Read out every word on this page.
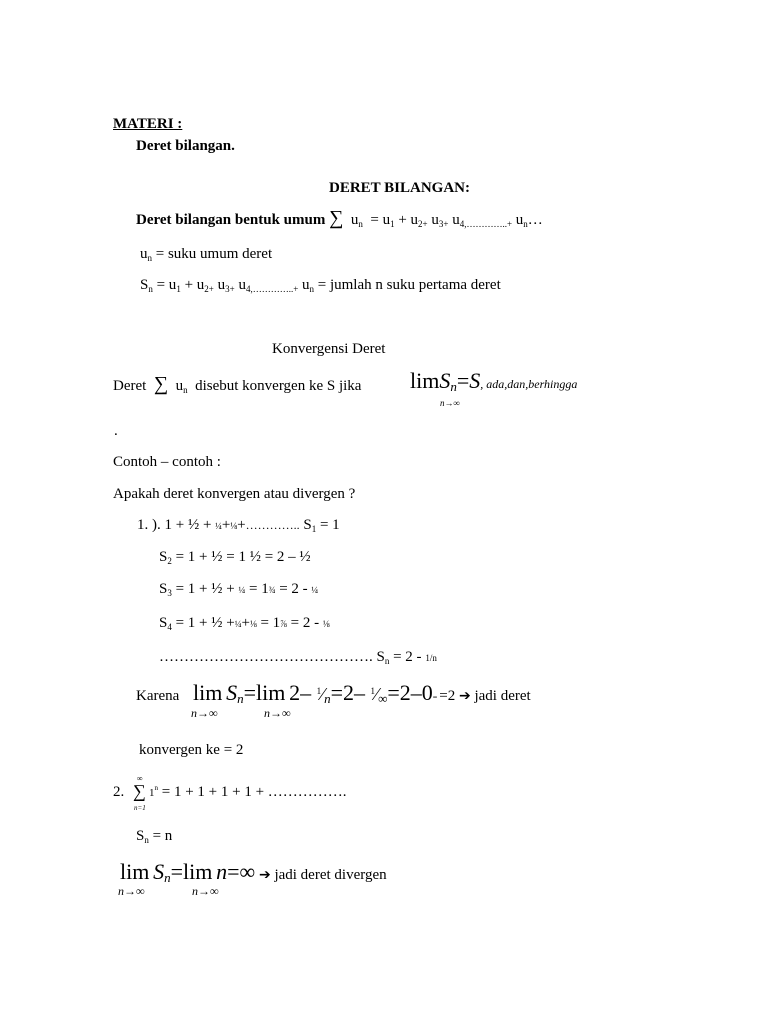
MATERI :
Deret bilangan.
DERET BILANGAN:
Deret bilangan bentuk umum ∑ $u_n = u_1 + u_{2+}$ $u_{3+}$ $u_{4,\dots\dots\dots\dots..+}$ $u_n\dots$
$u_n$ = suku umum deret
$S_n = u_1 + u_{2+}$ $u_{3+}$ $u_{4,\dots\dots\dots\dots..+}$ $u_n$ = jumlah n suku pertama deret
Konvergensi Deret
Deret ∑ $u_n$ disebut konvergen ke S jika limSn=S, ada,dan,berhingga
n→∞
.
Contoh – contoh :
Apakah deret konvergen atau divergen ?
1. ). 1 + ½ + ¼+⅛+………….. $S_1 = 1$
$S_2 = 1$ + ½ = 1 ½ = 2 – ½
$S_3 = 1$ + ½ + ¼ = 1¾ = 2 - ¼
$S_4 = 1$ + ½ +¼+⅛ = 1⅞ = 2 - ⅛
……………………………………. $S_n = 2 - 1/n$
Karena lim Sn=lim 2– $^1$⁄n=2– $^1$⁄∞=2–0= =2 ➔ jadi deret
n→∞	n→∞
konvergen ke = 2
2.
∞
∑
n=1
$1^n = 1 + 1 + 1 + 1$ + …………….
$S_n = n$
lim Sn=lim n=∞ ➔ jadi deret divergen
n→∞	n→∞
